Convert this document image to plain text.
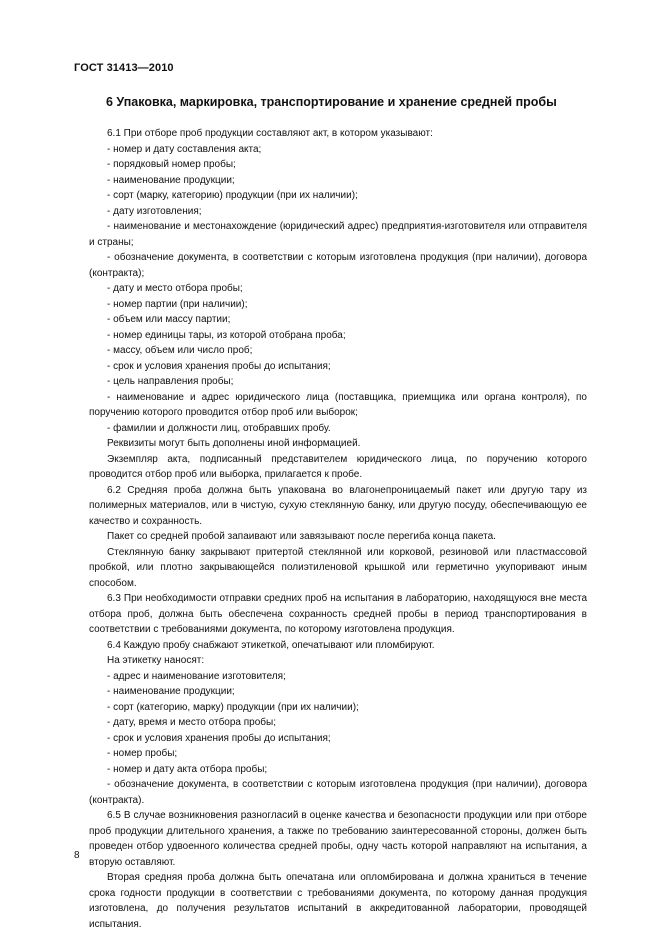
ГОСТ 31413—2010
6 Упаковка, маркировка, транспортирование и хранение средней пробы

6.1 При отборе проб продукции составляют акт, в котором указывают:

- номер и дату составления акта;

- порядковый номер пробы;

- наименование продукции;

- сорт (марку, категорию) продукции (при их наличии);

- дату изготовления;

- наименование и местонахождение (юридический адрес) предприятия-изготовителя или отправителя и страны;

- обозначение документа, в соответствии с которым изготовлена продукция (при наличии), договора (контракта);

- дату и место отбора пробы;

- номер партии (при наличии);

- объем или массу партии;

- номер единицы тары, из которой отобрана проба;

- массу, объем или число проб;

- срок и условия хранения пробы до испытания;

- цель направления пробы;

- наименование и адрес юридического лица (поставщика, приемщика или органа контроля), по поручению которого проводится отбор проб или выборок;

- фамилии и должности лиц, отобравших пробу.

Реквизиты могут быть дополнены иной информацией.

Экземпляр акта, подписанный представителем юридического лица, по поручению которого проводится отбор проб или выборка, прилагается к пробе.

6.2 Средняя проба должна быть упакована во влагонепроницаемый пакет или другую тару из полимерных материалов, или в чистую, сухую стеклянную банку, или другую посуду, обеспечивающую ее качество и сохранность.

Пакет со средней пробой запаивают или завязывают после перегиба конца пакета.

Стеклянную банку закрывают притертой стеклянной или корковой, резиновой или пластмассовой пробкой, или плотно закрывающейся полиэтиленовой крышкой или герметично укупоривают иным способом.

6.3 При необходимости отправки средних проб на испытания в лабораторию, находящуюся вне места отбора проб, должна быть обеспечена сохранность средней пробы в период транспортирования в соответствии с требованиями документа, по которому изготовлена продукция.

6.4 Каждую пробу снабжают этикеткой, опечатывают или пломбируют.

На этикетку наносят:

- адрес и наименование изготовителя;

- наименование продукции;

- сорт (категорию, марку) продукции (при их наличии);

- дату, время и место отбора пробы;

- срок и условия хранения пробы до испытания;

- номер пробы;

- номер и дату акта отбора пробы;

- обозначение документа, в соответствии с которым изготовлена продукция (при наличии), договора (контракта).

6.5 В случае возникновения разногласий в оценке качества и безопасности продукции или при отборе проб продукции длительного хранения, а также по требованию заинтересованной стороны, должен быть проведен отбор удвоенного количества средней пробы, одну часть которой направляют на испытания, а вторую оставляют.

Вторая средняя проба должна быть опечатана или опломбирована и должна храниться в течение срока годности продукции в соответствии с требованиями документа, по которому данная продукция изготовлена, до получения результатов испытаний в аккредитованной лаборатории, проводящей испытания.

8
